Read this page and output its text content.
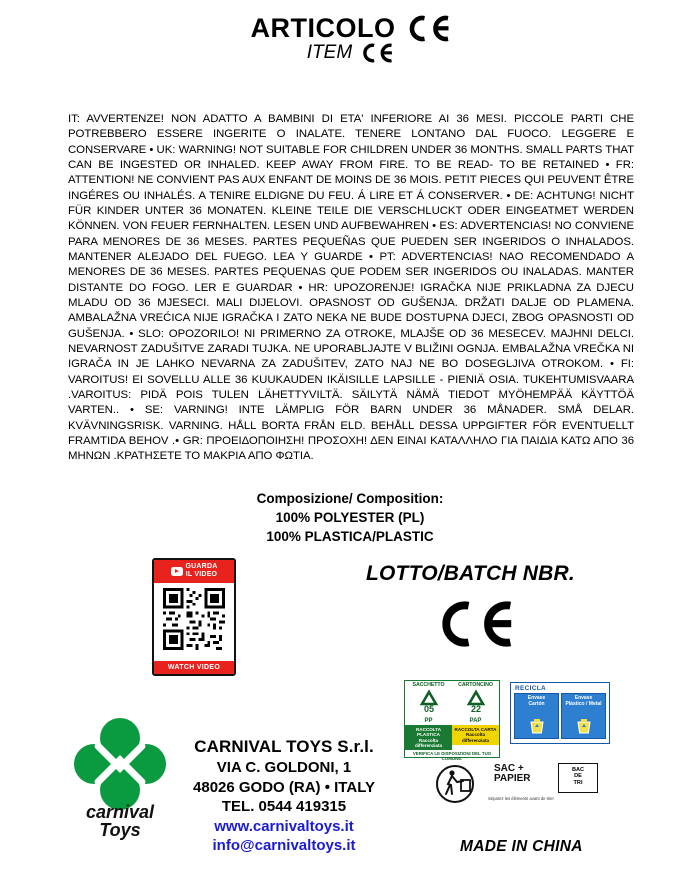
ARTICOLO
ITEM
IT: AVVERTENZE! NON ADATTO A BAMBINI DI ETA' INFERIORE AI 36 MESI. PICCOLE PARTI CHE POTREBBERO ESSERE INGERITE O INALATE. TENERE LONTANO DAL FUOCO. LEGGERE E CONSERVARE • UK: WARNING! NOT SUITABLE FOR CHILDREN UNDER 36 MONTHS. SMALL PARTS THAT CAN BE INGESTED OR INHALED. KEEP AWAY FROM FIRE. TO BE READ- TO BE RETAINED • FR: ATTENTION! NE CONVIENT PAS AUX ENFANT DE MOINS DE 36 MOIS. PETIT PIECES QUI PEUVENT ÊTRE INGÉRES OU INHALÉS. A TENIRE ELDIGNE DU FEU. Á LIRE ET Á CONSERVER. • DE: ACHTUNG! NICHT FÜR KINDER UNTER 36 MONATEN. KLEINE TEILE DIE VERSCHLUCKT ODER EINGEATMET WERDEN KÖNNEN. VON FEUER FERNHALTEN. LESEN UND AUFBEWAHREN • ES: ADVERTENCIAS! NO CONVIENE PARA MENORES DE 36 MESES. PARTES PEQUEÑAS QUE PUEDEN SER INGERIDOS O INHALADOS. MANTENER ALEJADO DEL FUEGO. LEA Y GUARDE • PT: ADVERTENCIAS! NAO RECOMENDADO A MENORES DE 36 MESES. PARTES PEQUENAS QUE PODEM SER INGERIDOS OU INALADAS. MANTER DISTANTE DO FOGO. LER E GUARDAR • HR: UPOZORENJE! IGRAČKA NIJE PRIKLADNA ZA DJECU MLADU OD 36 MJESECI. MALI DIJELOVI. OPASNOST OD GUŠENJA. DRŽATI DALJE OD PLAMENA. AMBALAŽNA VREĆICA NIJE IGRAČKA I ZATO NEKA NE BUDE DOSTUPNA DJECI, ZBOG OPASNOSTI OD GUŠENJA. • SLO: OPOZORILO! NI PRIMERNO ZA OTROKE, MLAJŠE OD 36 MESECEV. MAJHNI DELCI. NEVARNOST ZADUŠITVE ZARADI TUJKA. NE UPORABLJAJTE V BLIŽINI OGNJA. EMBALAŽNA VREČKA NI IGRAČA IN JE LAHKO NEVARNA ZA ZADUŠITEV, ZATO NAJ NE BO DOSEGLJIVA OTROKOM. • FI: VAROITUS! EI SOVELLU ALLE 36 KUUKAUDEN IKÄISILLE LAPSILLE - PIENIÄ OSIA. TUKEHTUMISVAARA .VAROITUS: PIDÄ POIS TULEN LÄHETTYVILTÄ. SÄILYTÄ NÄMÄ TIEDOT MYÖHEMPÄÄ KÄYTTÖÄ VARTEN.. • SE: VARNING! INTE LÄMPLIG FÖR BARN UNDER 36 MÅNADER. SMÅ DELAR. KVÄVNINGSRISK. VARNING. HÅLL BORTA FRÅN ELD. BEHÅLL DESSA UPPGIFTER FÖR EVENTUELLT FRAMTIDA BEHOV .• GR: ΠΡΟΕΙΔΟΠΟΙΗΣΗ! ΠΡΟΣΟΧΗ! ΔΕΝ ΕΙΝΑΙ ΚΑΤΑΛΛΗΛΟ ΓΙΑ ΠΑΙΔΙΑ ΚΑΤΩ ΑΠΟ 36 ΜΗΝΩΝ .ΚΡΑΤΗΣΕΤΕ ΤΟ ΜΑΚΡΙΑ ΑΠΟ ΦΩΤΙΑ.
Composizione/ Composition:
100% POLYESTER (PL)
100% PLASTICA/PLASTIC
GUARDA
IL VIDEO
WATCH VIDEO
LOTTO/BATCH NBR.
carnival
Toys
CARNIVAL TOYS S.r.l.
VIA C. GOLDONI, 1
48026 GODO (RA) • ITALY
TEL. 0544 419315
www.carnivaltoys.it
info@carnivaltoys.it
SACCHETTO
05
PP
RACCOLTA PLASTICA
Raccolta differenziata
CARTONCINO
22
PAP
RACCOLTA CARTA
Raccolta differenziata
VERIFICA LE DISPOSIZIONI DEL TUO COMUNE.
RECICLA
Envase
Cartón
Envase
Plástico / Metal
SAC +
PAPIER
BAC
DE
TRI
Séparez les éléments avant de trier
MADE IN CHINA
